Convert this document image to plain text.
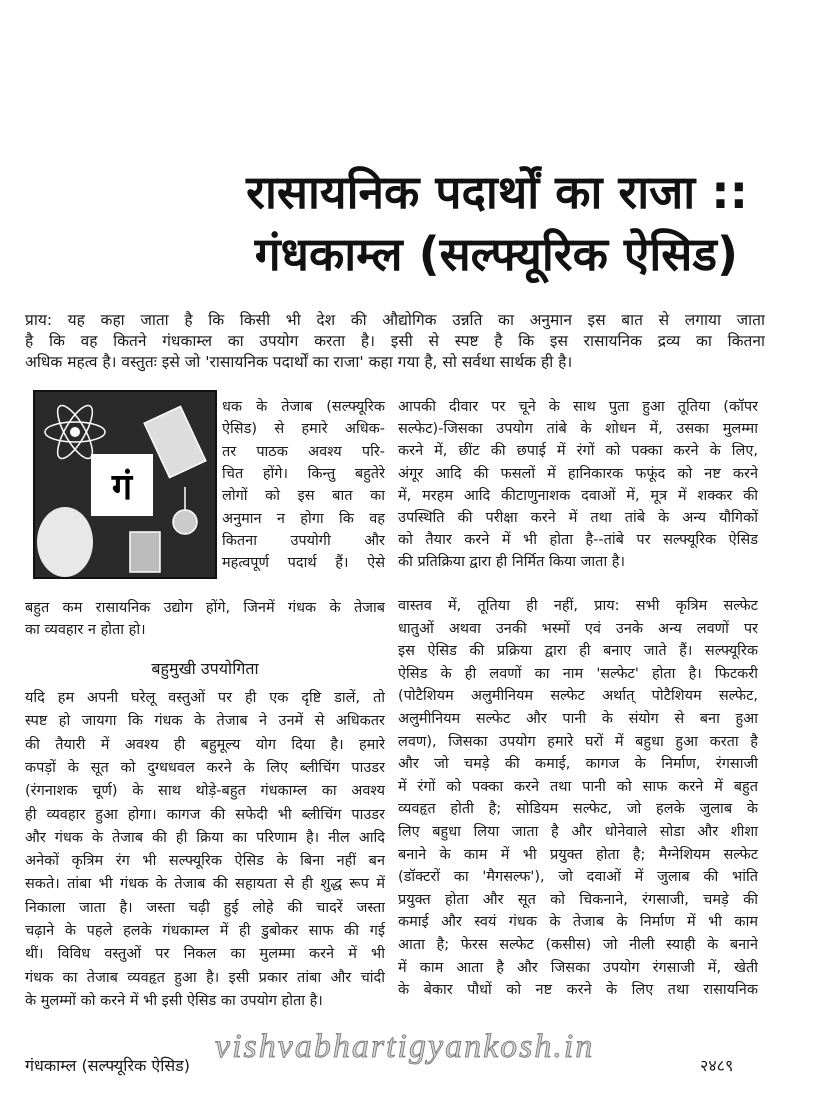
रासायनिक पदार्थों का राजा ::
गंधकाम्ल (सल्फ्यूरिक ऐसिड)
प्राय: यह कहा जाता है कि किसी भी देश की औद्योगिक उन्नति का अनुमान इस बात से लगाया जाता
है कि वह कितने गंधकाम्ल का उपयोग करता है। इसी से स्पष्ट है कि इस रासायनिक द्रव्य का कितना
अधिक महत्व है। वस्तुतः इसे जो 'रासायनिक पदार्थों का राजा' कहा गया है, सो सर्वथा सार्थक ही है।
धक के तेजाब (सल्फ्यूरिक
ऐसिड) से हमारे अधिक-
तर पाठक अवश्य परि-
चित होंगे। किन्तु बहुतेरे
लोगों को इस बात का
अनुमान न होगा कि वह
कितना उपयोगी और
महत्वपूर्ण पदार्थ हैं। ऐसे
बहुत कम रासायनिक उद्योग होंगे, जिनमें गंधक के तेजाब
का व्यवहार न होता हो।
यदि हम अपनी घरेलू वस्तुओं पर ही एक दृष्टि डालें, तो
स्पष्ट हो जायगा कि गंधक के तेजाब ने उनमें से अधिकतर
की तैयारी में अवश्य ही बहुमूल्य योग दिया है। हमारे
कपड़ों के सूत को दुग्धधवल करने के लिए ब्लीचिंग पाउडर
(रंगनाशक चूर्ण) के साथ थोड़े-बहुत गंधकाम्ल का अवश्य
ही व्यवहार हुआ होगा। कागज की सफेदी भी ब्लीचिंग पाउडर
और गंधक के तेजाब की ही क्रिया का परिणाम है। नील आदि
अनेकों कृत्रिम रंग भी सल्फ्यूरिक ऐसिड के बिना नहीं बन
सकते। तांबा भी गंधक के तेजाब की सहायता से ही शुद्ध रूप में
निकाला जाता है। जस्ता चढ़ी हुई लोहे की चादरें जस्ता
चढ़ाने के पहले हलके गंधकाम्ल में ही डुबोकर साफ की गई
थीं। विविध वस्तुओं पर निकल का मुलम्मा करने में भी
गंधक का तेजाब व्यवहृत हुआ है। इसी प्रकार तांबा और चांदी
के मुलम्मों को करने में भी इसी ऐसिड का उपयोग होता है।
आपकी दीवार पर चूने के साथ पुता हुआ तूतिया (कॉपर
सल्फेट)-जिसका उपयोग तांबे के शोधन में, उसका मुलम्मा
करने में, छींट की छपाई में रंगों को पक्का करने के लिए,
अंगूर आदि की फसलों में हानिकारक फफूंद को नष्ट करने
में, मरहम आदि कीटाणुनाशक दवाओं में, मूत्र में शक्कर की
उपस्थिति की परीक्षा करने में तथा तांबे के अन्य यौगिकों
को तैयार करने में भी होता है--तांबे पर सल्फ्यूरिक ऐसिड
की प्रतिक्रिया द्वारा ही निर्मित किया जाता है।
वास्तव में, तूतिया ही नहीं, प्राय: सभी कृत्रिम सल्फेट
धातुओं अथवा उनकी भस्मों एवं उनके अन्य लवणों पर
इस ऐसिड की प्रक्रिया द्वारा ही बनाए जाते हैं। सल्फ्यूरिक
ऐसिड के ही लवणों का नाम 'सल्फेट' होता है। फिटकरी
(पोटैशियम अलुमीनियम सल्फेट अर्थात् पोटैशियम सल्फेट,
अलुमीनियम सल्फेट और पानी के संयोग से बना हुआ
लवण), जिसका उपयोग हमारे घरों में बहुधा हुआ करता है
और जो चमड़े की कमाई, कागज के निर्माण, रंगसाजी
में रंगों को पक्का करने तथा पानी को साफ करने में बहुत
व्यवहृत होती है; सोडियम सल्फेट, जो हलके जुलाब के
लिए बहुधा लिया जाता है और धोनेवाले सोडा और शीशा
बनाने के काम में भी प्रयुक्त होता है; मैग्नेशियम सल्फेट
(डॉक्टरों का 'मैगसल्फ'), जो दवाओं में जुलाब की भांति
प्रयुक्त होता और सूत को चिकनाने, रंगसाजी, चमड़े की
कमाई और स्वयं गंधक के तेजाब के निर्माण में भी काम
आता है; फेरस सल्फेट (कसीस) जो नीली स्याही के बनाने
में काम आता है और जिसका उपयोग रंगसाजी में, खेती
के बेकार पौधों को नष्ट करने के लिए तथा रासायनिक
गं
बहुमुखी उपयोगिता
vishvabhartigyankosh.in
गंधकाम्ल (सल्फ्यूरिक ऐसिड)	२४८९
